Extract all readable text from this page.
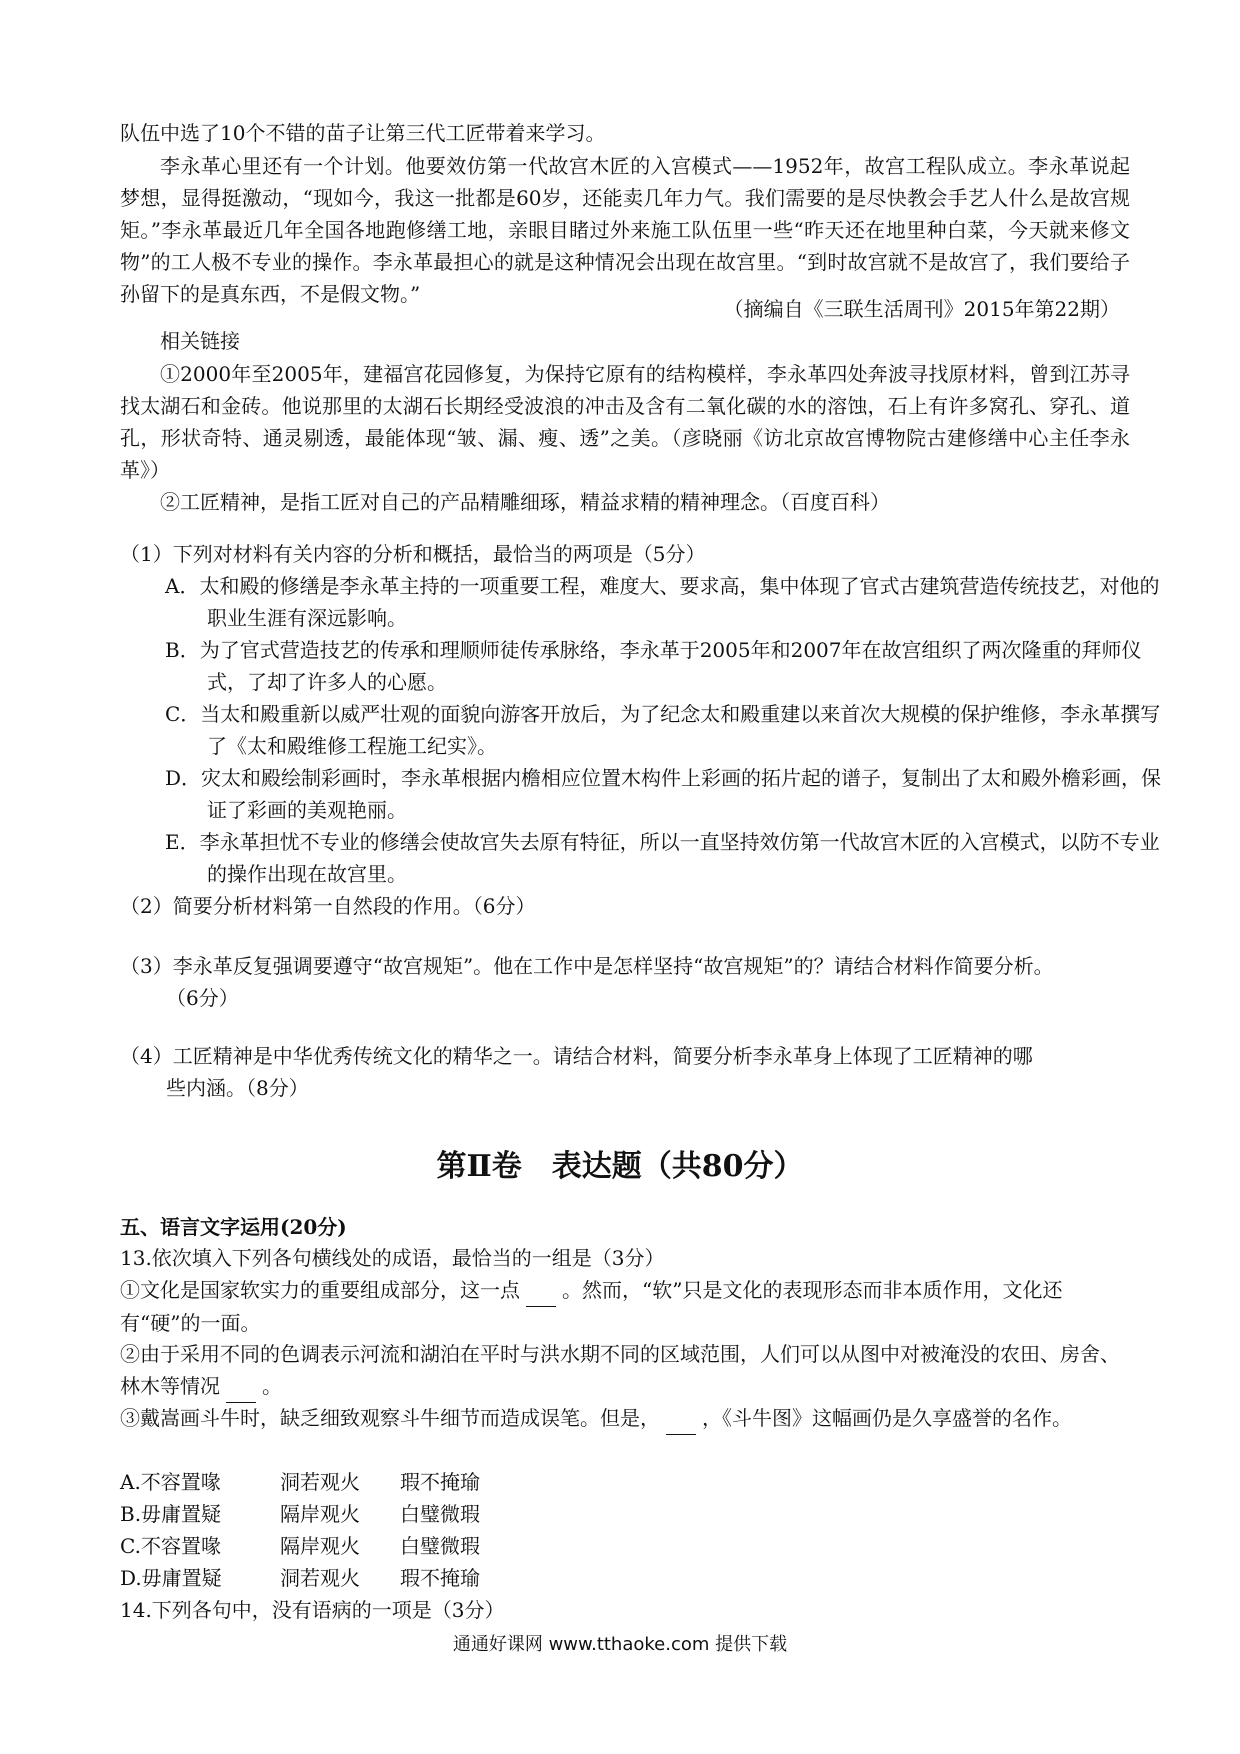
队伍中选了10个不错的苗子让第三代工匠带着来学习。
李永革心里还有一个计划。他要效仿第一代故宫木匠的入宫模式——1952年，故宫工程队成立。李永革说起梦想，显得挺激动，“现如今，我这一批都是60岁，还能卖几年力气。我们需要的是尽快教会手艺人什么是故宫规矩。”李永革最近几年全国各地跑修缮工地，亲眼目睹过外来施工队伍里一些“昨天还在地里种白菜，今天就来修文物”的工人极不专业的操作。李永革最担心的就是这种情况会出现在故宫里。“到时故宫就不是故宫了，我们要给子孙留下的是真东西，不是假文物。”
（摘编自《三联生活周刊》2015年第22期）
相关链接
①2000年至2005年，建福宫花园修复，为保持它原有的结构模样，李永革四处奔波寻找原材料，曾到江苏寻找太湖石和金砖。他说那里的太湖石长期经受波浪的冲击及含有二氧化碳的水的溶蚀，石上有许多窝孔、穿孔、道孔，形状奇特、通灵剔透，最能体现“皱、漏、瘦、透”之美。（彦晓丽《访北京故宫博物院古建修缮中心主任李永革》）
②工匠精神，是指工匠对自己的产品精雕细琢，精益求精的精神理念。（百度百科）
（1）下列对材料有关内容的分析和概括，最恰当的两项是（5分）
A．太和殿的修缮是李永革主持的一项重要工程，难度大、要求高，集中体现了官式古建筑营造传统技艺，对他的职业生涯有深远影响。
B．为了官式营造技艺的传承和理顺师徒传承脉络，李永革于2005年和2007年在故宫组织了两次隆重的拜师仪式，了却了许多人的心愿。
C．当太和殿重新以威严壮观的面貌向游客开放后，为了纪念太和殿重建以来首次大规模的保护维修，李永革撰写了《太和殿维修工程施工纪实》。
D．灾太和殿绘制彩画时，李永革根据内檐相应位置木构件上彩画的拓片起的谱子，复制出了太和殿外檐彩画，保证了彩画的美观艳丽。
E．李永革担忧不专业的修缮会使故宫失去原有特征，所以一直坚持效仿第一代故宫木匠的入宫模式，以防不专业的操作出现在故宫里。
（2）简要分析材料第一自然段的作用。（6分）
（3）李永革反复强调要遵守“故宫规矩”。他在工作中是怎样坚持“故宫规矩”的？请结合材料作简要分析。
（6分）
（4）工匠精神是中华优秀传统文化的精华之一。请结合材料，简要分析李永革身上体现了工匠精神的哪
些内涵。（8分）
第Ⅱ卷　表达题（共80分）
五、语言文字运用(20分)
13.依次填入下列各句横线处的成语，最恰当的一组是（3分）
①文化是国家软实力的重要组成部分，这一点 。然而，“软”只是文化的表现形态而非本质作用，文化还有“硬”的一面。
②由于采用不同的色调表示河流和湖泊在平时与洪水期不同的区域范围，人们可以从图中对被淹没的农田、房舍、林木等情况 。
③戴嵩画斗牛时，缺乏细致观察斗牛细节而造成误笔。但是， ，《斗牛图》这幅画仍是久享盛誉的名作。
A.不容置喙	洞若观火 瑕不掩瑜
B.毋庸置疑	隔岸观火 白璧微瑕
C.不容置喙	隔岸观火 白璧微瑕
D.毋庸置疑	洞若观火 瑕不掩瑜
14.下列各句中，没有语病的一项是（3分）
通通好课网 www.tthaoke.com 提供下载
